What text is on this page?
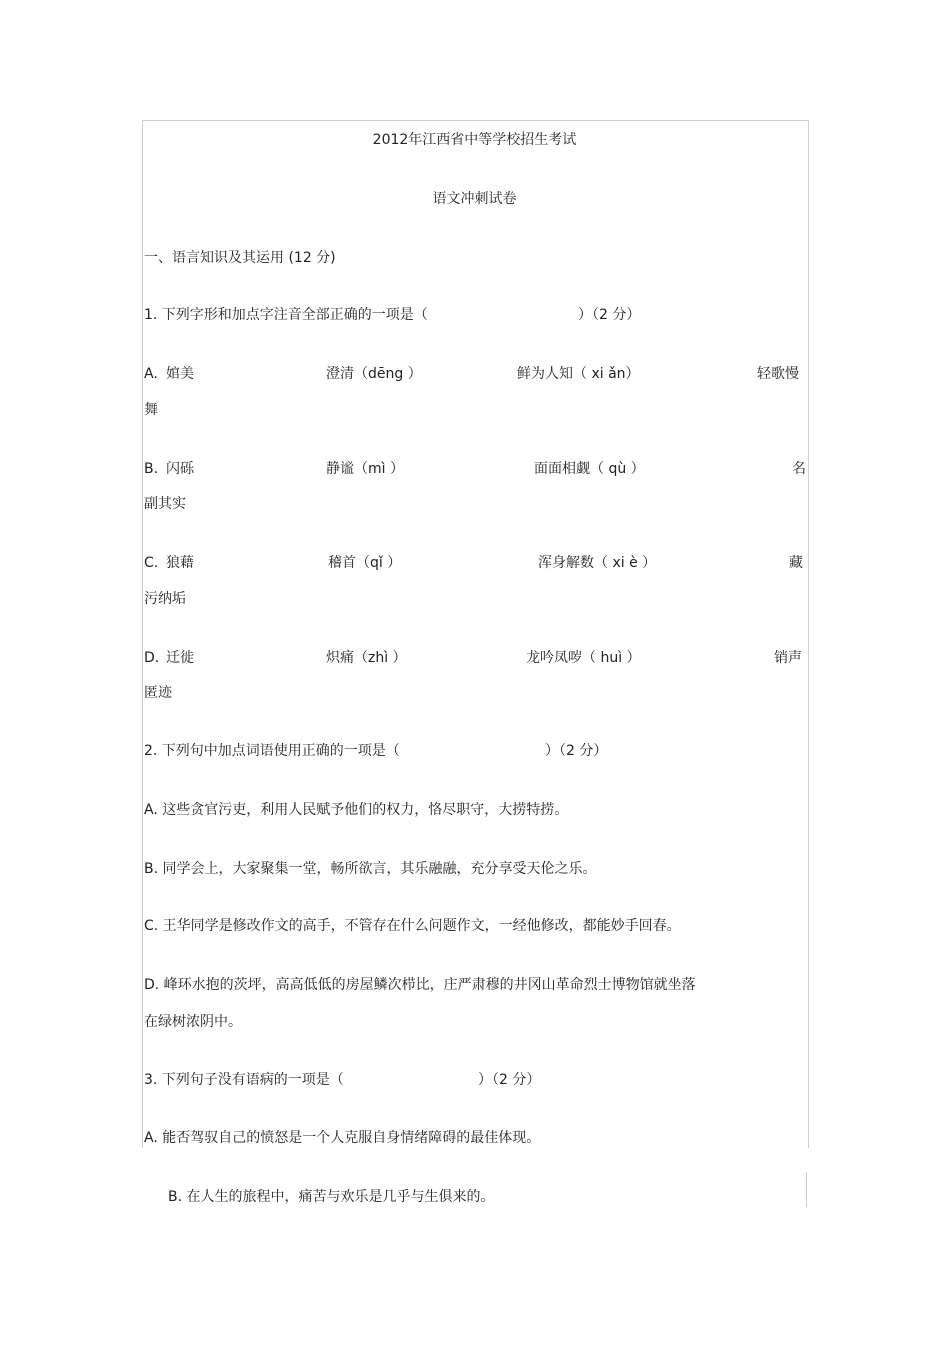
2012年江西省中等学校招生考试
语文冲刺试卷
一、语言知识及其运用 (12 分)
1. 下列字形和加点字注音全部正确的一项是（	）（2 分）
A. 婠美	澄清（dēng ）	鲜为人知（ xi ǎn）	轻歌慢
舞
B. 闪砾	静谧（mì ）	面面相觑（ qù ）	名
副其实
C. 狼藉	稽首（qǐ ）	浑身解数（ xi è ）	藏
污纳垢
D. 迁徙	炽痛（zhì ）	龙吟凤哕（ huì ）	销声
匿迹
2. 下列句中加点词语使用正确的一项是（	）（2 分）
A. 这些贪官污吏，利用人民赋予他们的权力，恪尽职守，大捞特捞。
B. 同学会上，大家聚集一堂，畅所欲言，其乐融融，充分享受天伦之乐。
C. 王华同学是修改作文的高手，不管存在什么问题作文，一经他修改，都能妙手回春。
D. 峰环水抱的茨坪，高高低低的房屋鳞次栉比，庄严肃穆的井冈山革命烈士博物馆就坐落
在绿树浓阴中。
3. 下列句子没有语病的一项是（	）（2 分）
A. 能否驾驭自己的愤怒是一个人克服自身情绪障碍的最佳体现。
B. 在人生的旅程中，痛苦与欢乐是几乎与生俱来的。
